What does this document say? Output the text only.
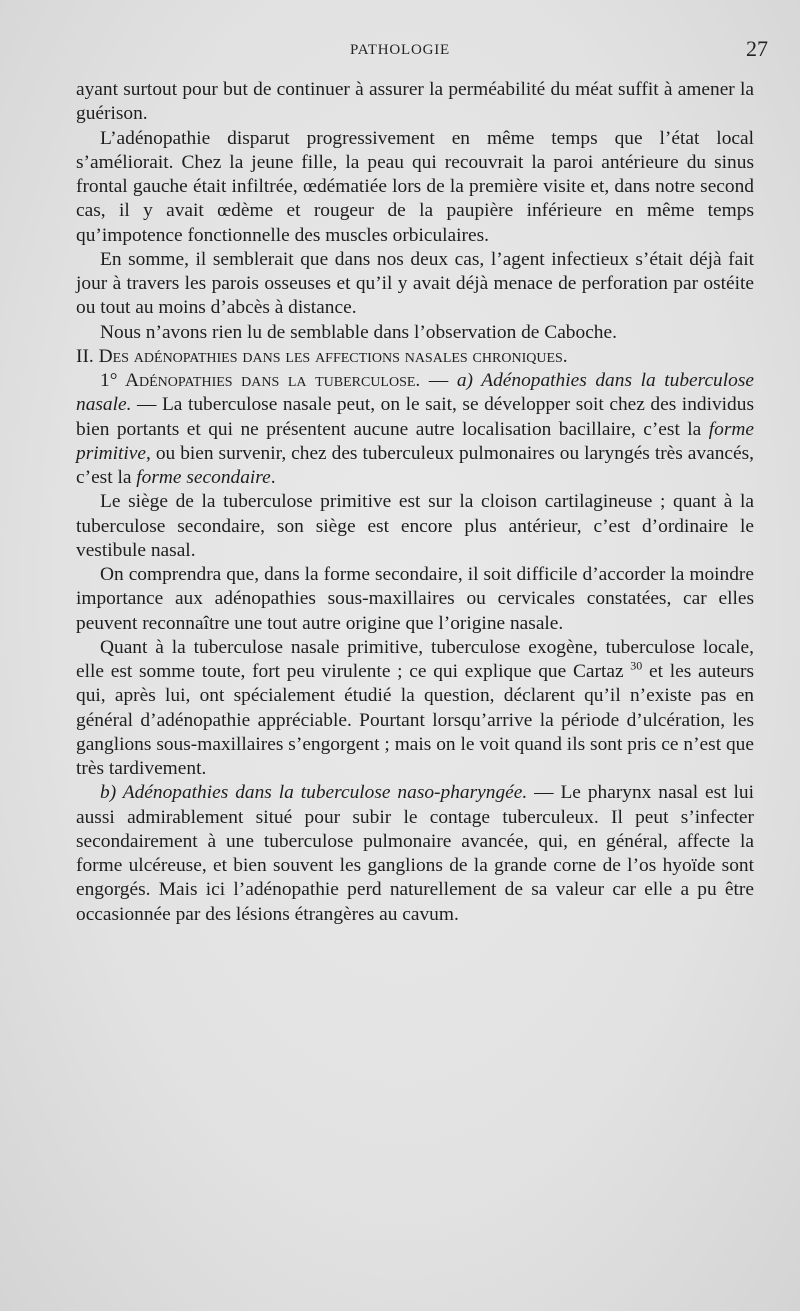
PATHOLOGIE	27

ayant surtout pour but de continuer à assurer la perméabilité du méat suffit à amener la guérison.

L’adénopathie disparut progressivement en même temps que l’état local s’améliorait. Chez la jeune fille, la peau qui recouvrait la paroi antérieure du sinus frontal gauche était infiltrée, œdématiée lors de la première visite et, dans notre second cas, il y avait œdème et rougeur de la paupière inférieure en même temps qu’impotence fonctionnelle des muscles orbiculaires.

En somme, il semblerait que dans nos deux cas, l’agent infectieux s’était déjà fait jour à travers les parois osseuses et qu’il y avait déjà menace de perforation par ostéite ou tout au moins d’abcès à distance.

Nous n’avons rien lu de semblable dans l’observation de Caboche.

II. Des adénopathies dans les affections nasales chroniques.

1° Adénopathies dans la tuberculose. — a) Adénopathies dans la tuberculose nasale. — La tuberculose nasale peut, on le sait, se développer soit chez des individus bien portants et qui ne présentent aucune autre localisation bacillaire, c’est la forme primitive, ou bien survenir, chez des tuberculeux pulmonaires ou laryngés très avancés, c’est la forme secondaire.

Le siège de la tuberculose primitive est sur la cloison cartilagineuse ; quant à la tuberculose secondaire, son siège est encore plus antérieur, c’est d’ordinaire le vestibule nasal.

On comprendra que, dans la forme secondaire, il soit difficile d’accorder la moindre importance aux adénopathies sous-maxillaires ou cervicales constatées, car elles peuvent reconnaître une tout autre origine que l’origine nasale.

Quant à la tuberculose nasale primitive, tuberculose exogène, tuberculose locale, elle est somme toute, fort peu virulente ; ce qui explique que Cartaz $^{30}$ et les auteurs qui, après lui, ont spécialement étudié la question, déclarent qu’il n’existe pas en général d’adénopathie appréciable. Pourtant lorsqu’arrive la période d’ulcération, les ganglions sous-maxillaires s’engorgent ; mais on le voit quand ils sont pris ce n’est que très tardivement.

b) Adénopathies dans la tuberculose naso-pharyngée. — Le pharynx nasal est lui aussi admirablement situé pour subir le contage tuberculeux. Il peut s’infecter secondairement à une tuberculose pulmonaire avancée, qui, en général, affecte la forme ulcéreuse, et bien souvent les ganglions de la grande corne de l’os hyoïde sont engorgés. Mais ici l’adénopathie perd naturellement de sa valeur car elle a pu être occasionnée par des lésions étrangères au cavum.
